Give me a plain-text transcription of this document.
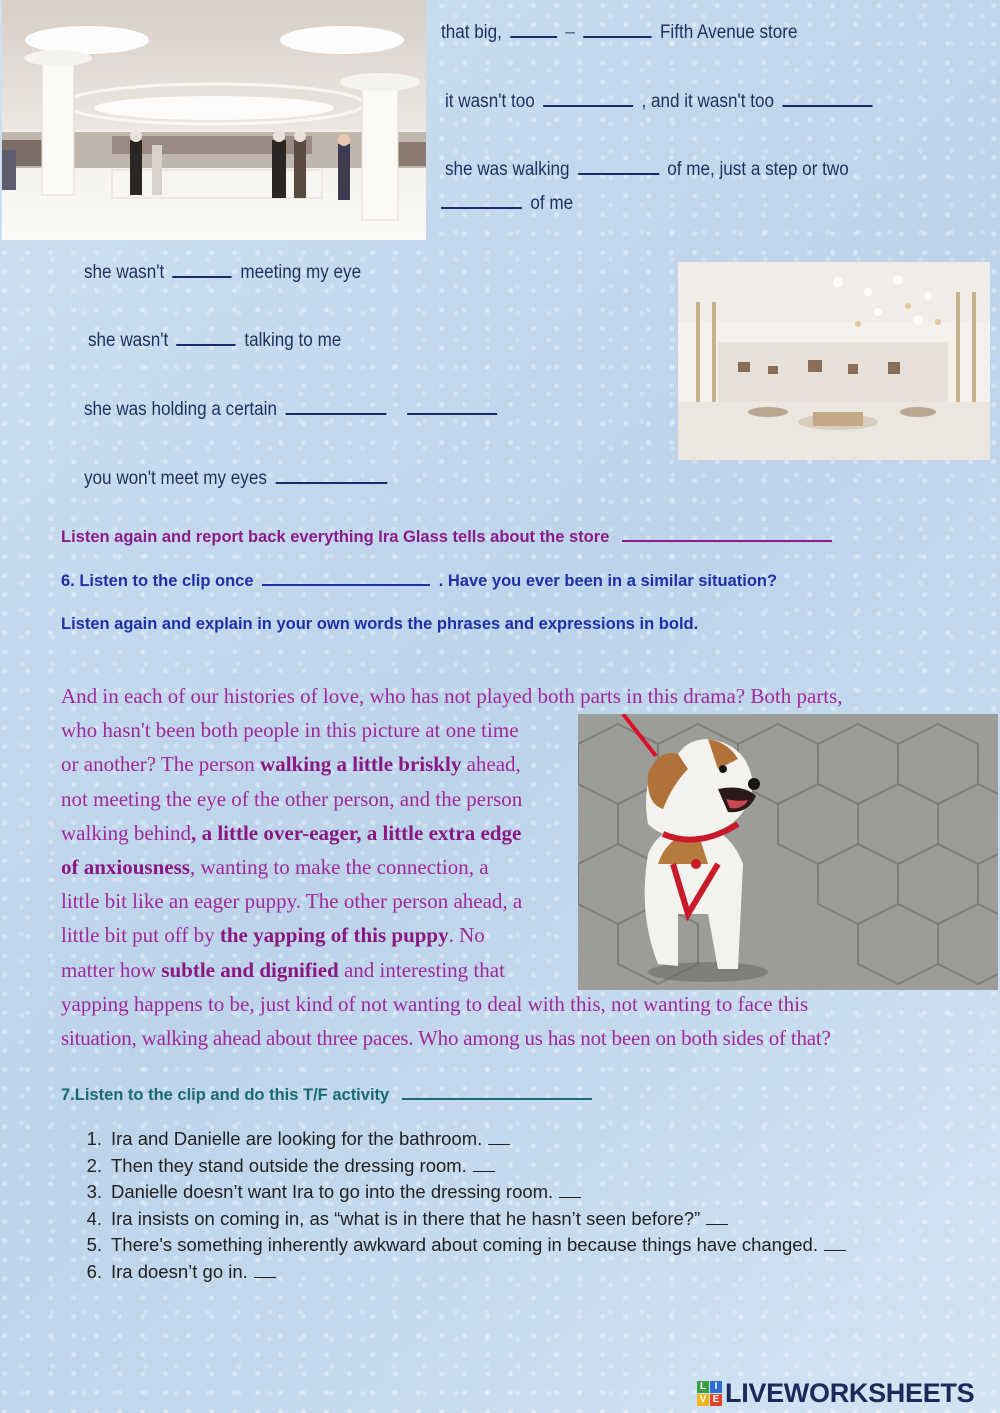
that big,	–	Fifth Avenue store
it wasn't too	, and it wasn't too
she was walking	of me, just a step or two
of me
she wasn't	meeting my eye
she wasn't	talking to me
she was holding a certain
you won't meet my eyes
Listen again and report back everything Ira Glass tells about the store
6. Listen to the clip once	. Have you ever been in a similar situation?
Listen again and explain in your own words the phrases and expressions in bold.
And in each of our histories of love, who has not played both parts in this drama? Both parts,
who hasn't been both people in this picture at one time
or another? The person walking a little briskly ahead,
not meeting the eye of the other person, and the person
walking behind, a little over-eager, a little extra edge
of anxiousness, wanting to make the connection, a
little bit like an eager puppy. The other person ahead, a
little bit put off by the yapping of this puppy. No
matter how subtle and dignified and interesting that
yapping happens to be, just kind of not wanting to deal with this, not wanting to face this
situation, walking ahead about three paces. Who among us has not been on both sides of that?
7.Listen to the clip and do this T/F activity
1. Ira and Danielle are looking for the bathroom.
2. Then they stand outside the dressing room.
3. Danielle doesn’t want Ira to go into the dressing room.
4. Ira insists on coming in, as “what is in there that he hasn’t seen before?”
5. There's something inherently awkward about coming in because things have changed.
6. Ira doesn’t go in.
L I
V E LIVEWORKSHEETS
